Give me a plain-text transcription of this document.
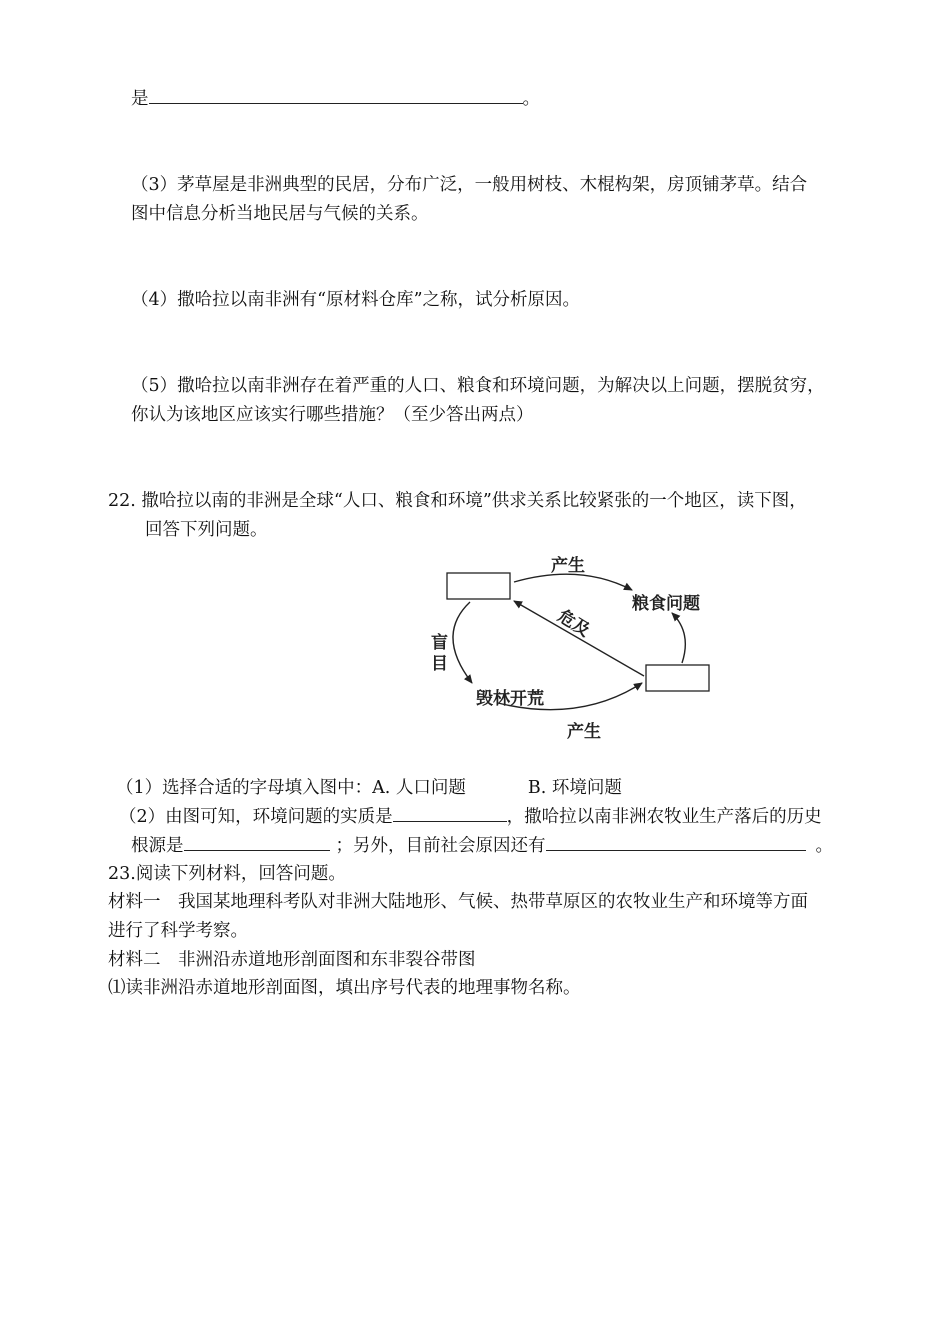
是	。
（3）茅草屋是非洲典型的民居，分布广泛，一般用树枝、木棍构架，房顶铺茅草。结合
图中信息分析当地民居与气候的关系。
（4）撒哈拉以南非洲有“原材料仓库”之称，试分析原因。
（5）撒哈拉以南非洲存在着严重的人口、粮食和环境问题，为解决以上问题，摆脱贫穷，
你认为该地区应该实行哪些措施？（至少答出两点）
22. 撒哈拉以南的非洲是全球“人口、粮食和环境”供求关系比较紧张的一个地区，读下图，
回答下列问题。
产生
粮食问题
危及
盲
目
毁林开荒
产生
（1）选择合适的字母填入图中：A. 人口问题	B. 环境问题
（2）由图可知，环境问题的实质是	，撒哈拉以南非洲农牧业生产落后的历史
根源是	；另外，目前社会原因还有	。
23.阅读下列材料，回答问题。
材料一　我国某地理科考队对非洲大陆地形、气候、热带草原区的农牧业生产和环境等方面
进行了科学考察。
材料二　非洲沿赤道地形剖面图和东非裂谷带图
⑴读非洲沿赤道地形剖面图，填出序号代表的地理事物名称。
